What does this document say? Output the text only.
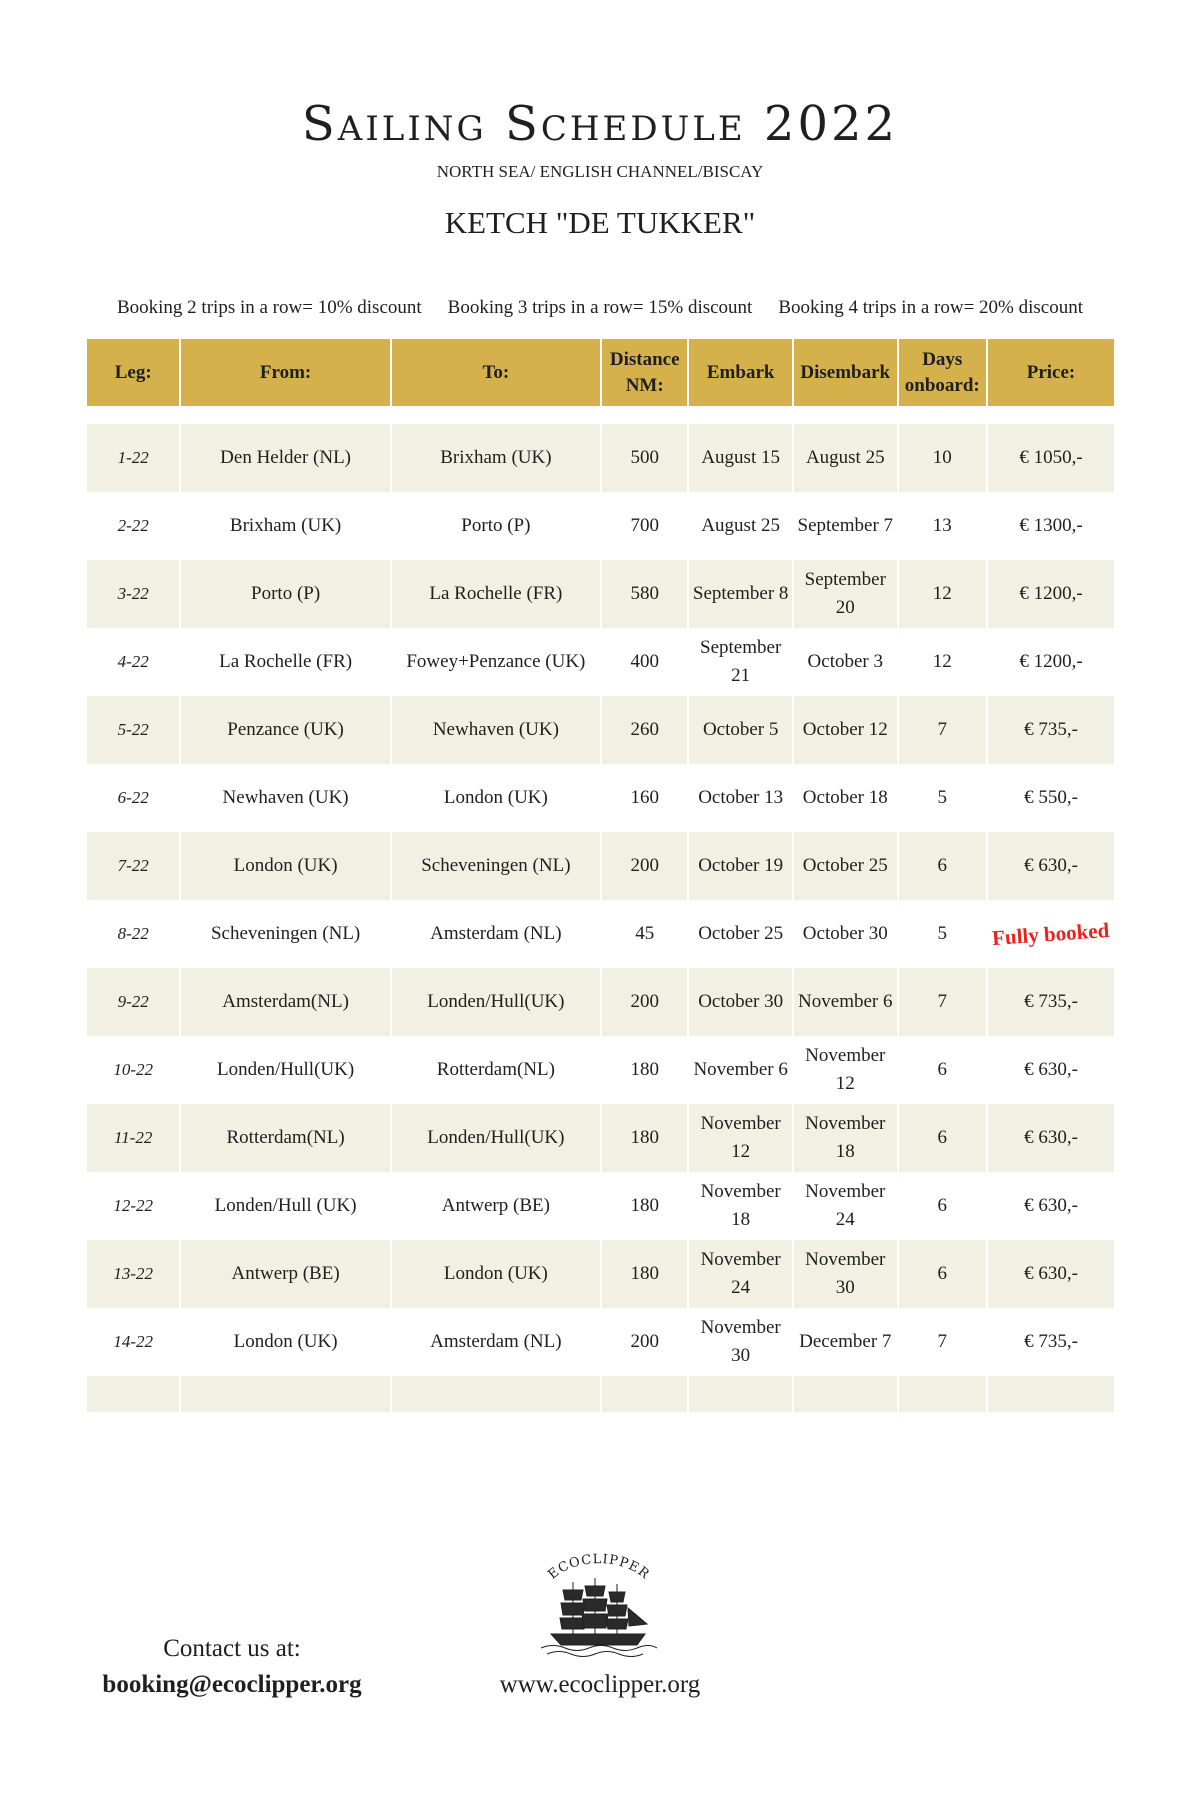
Sailing Schedule 2022
NORTH SEA/ ENGLISH CHANNEL/BISCAY
KETCH "DE TUKKER"
Booking 2 trips in a row= 10% discount Booking 3 trips in a row= 15% discount Booking 4 trips in a row= 20% discount
Leg:	From:	To:	Distance NM:	Embark	Disembark	Days onboard:	Price:

1-22	Den Helder (NL)	Brixham (UK)	500	August 15	August 25	10	€ 1050,-
2-22	Brixham (UK)	Porto (P)	700	August 25	September 7	13	€ 1300,-
3-22	Porto (P)	La Rochelle (FR)	580	September 8	September 20	12	€ 1200,-
4-22	La Rochelle (FR)	Fowey+Penzance (UK)	400	September 21	October 3	12	€ 1200,-
5-22	Penzance (UK)	Newhaven (UK)	260	October 5	October 12	7	€ 735,-
6-22	Newhaven (UK)	London (UK)	160	October 13	October 18	5	€ 550,-
7-22	London (UK)	Scheveningen (NL)	200	October 19	October 25	6	€ 630,-
8-22	Scheveningen (NL)	Amsterdam (NL)	45	October 25	October 30	5	Fully booked
9-22	Amsterdam(NL)	Londen/Hull(UK)	200	October 30	November 6	7	€ 735,-
10-22	Londen/Hull(UK)	Rotterdam(NL)	180	November 6	November 12	6	€ 630,-
11-22	Rotterdam(NL)	Londen/Hull(UK)	180	November 12	November 18	6	€ 630,-
12-22	Londen/Hull (UK)	Antwerp (BE)	180	November 18	November 24	6	€ 630,-
13-22	Antwerp (BE)	London (UK)	180	November 24	November 30	6	€ 630,-
14-22	London (UK)	Amsterdam (NL)	200	November 30	December 7	7	€ 735,-

ECOCLIPPER
Contact us at:
booking@ecoclipper.org	www.ecoclipper.org
